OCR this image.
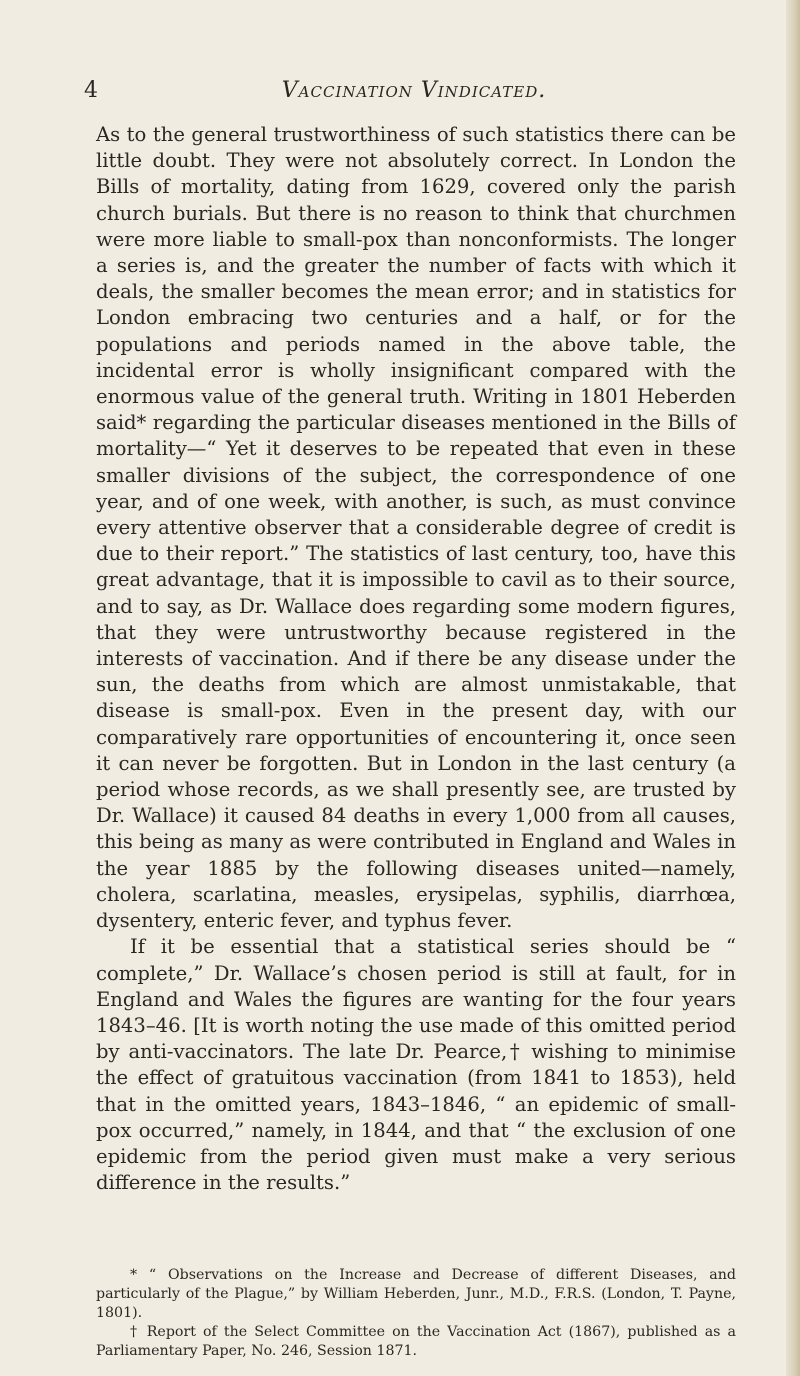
4	Vaccination Vindicated.

As to the general trustworthiness of such statistics there can be little doubt. They were not absolutely correct. In London the Bills of mortality, dating from 1629, covered only the parish church burials. But there is no reason to think that churchmen were more liable to small-pox than nonconformists. The longer a series is, and the greater the number of facts with which it deals, the smaller becomes the mean error; and in statistics for London embracing two centuries and a half, or for the populations and periods named in the above table, the incidental error is wholly insignificant compared with the enormous value of the general truth. Writing in 1801 Heberden said* regarding the particular diseases mentioned in the Bills of mortality—“ Yet it deserves to be repeated that even in these smaller divisions of the subject, the correspondence of one year, and of one week, with another, is such, as must convince every attentive observer that a considerable degree of credit is due to their report.” The statistics of last century, too, have this great advantage, that it is impossible to cavil as to their source, and to say, as Dr. Wallace does regarding some modern figures, that they were untrustworthy because registered in the interests of vaccination. And if there be any disease under the sun, the deaths from which are almost unmistakable, that disease is small-pox. Even in the present day, with our comparatively rare opportunities of encountering it, once seen it can never be forgotten. But in London in the last century (a period whose records, as we shall presently see, are trusted by Dr. Wallace) it caused 84 deaths in every 1,000 from all causes, this being as many as were contributed in England and Wales in the year 1885 by the following diseases united—namely, cholera, scarlatina, measles, erysipelas, syphilis, diarrhœa, dysentery, enteric fever, and typhus fever.

If it be essential that a statistical series should be “ complete,” Dr. Wallace’s chosen period is still at fault, for in England and Wales the figures are wanting for the four years 1843–46. [It is worth noting the use made of this omitted period by anti-vaccinators. The late Dr. Pearce,† wishing to minimise the effect of gratuitous vaccination (from 1841 to 1853), held that in the omitted years, 1843–1846, “ an epidemic of small-pox occurred,” namely, in 1844, and that “ the exclusion of one epidemic from the period given must make a very serious difference in the results.”

* “ Observations on the Increase and Decrease of different Diseases, and particularly of the Plague,” by William Heberden, Junr., M.D., F.R.S. (London, T. Payne, 1801).

† Report of the Select Committee on the Vaccination Act (1867), published as a Parliamentary Paper, No. 246, Session 1871.
